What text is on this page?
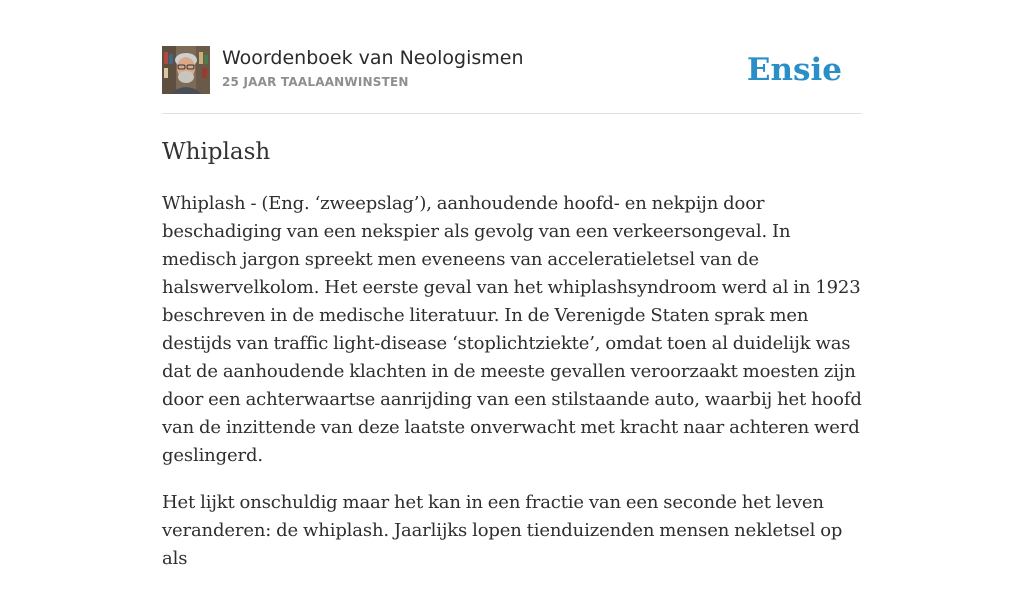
Woordenboek van Neologismen
25 JAAR TAALAANWINSTEN	Ensie
Whiplash

Whiplash - (Eng. ‘zweepslag’), aanhoudende hoofd- en nekpijn door beschadiging van een nekspier als gevolg van een verkeersongeval. In medisch jargon spreekt men eveneens van acceleratieletsel van de halswervelkolom. Het eerste geval van het whiplashsyndroom werd al in 1923 beschreven in de medische literatuur. In de Verenigde Staten sprak men destijds van traffic light-disease ‘stoplichtziekte’, omdat toen al duidelijk was dat de aanhoudende klachten in de meeste gevallen veroorzaakt moesten zijn door een achterwaartse aanrijding van een stilstaande auto, waarbij het hoofd van de inzittende van deze laatste onverwacht met kracht naar achteren werd geslingerd.

Het lijkt onschuldig maar het kan in een fractie van een seconde het leven veranderen: de whiplash. Jaarlijks lopen tienduizenden mensen nekletsel op als
